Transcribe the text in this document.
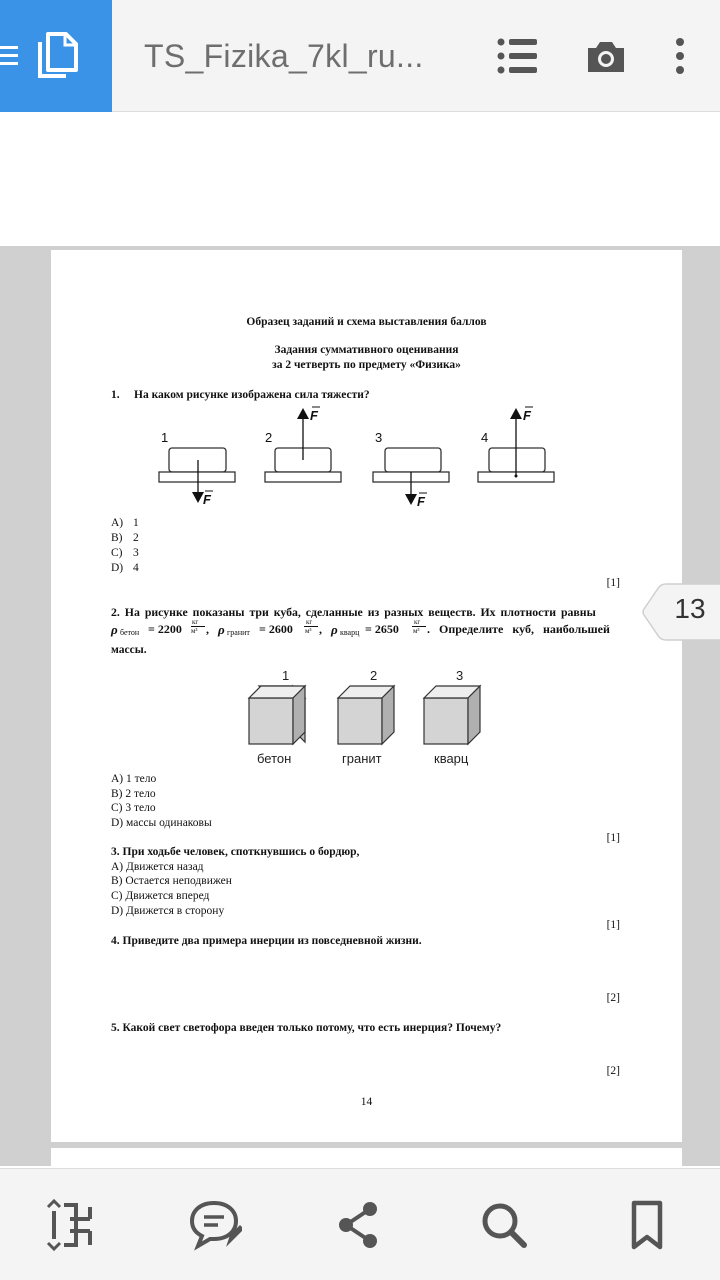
TS_Fizika_7kl_ru...
Образец заданий и схема выставления баллов
Задания суммативного оценивания
за 2 четверть по предмету «Физика»
1. На каком рисунке изображена сила тяжести?
1
F
2
F
3
F
4
F
A) 1
B) 2
C) 3
D) 4
[1]
2. На рисунке показаны три куба, сделанные из разных веществ. Их плотности равны
ρ бетон = 2200 кг
м³ , ρ гранит = 2600 кг
м³ , ρ кварц = 2650 кг
м³ . Определите куб, наибольшей
массы.
1	2	3
бетон	гранит	кварц
A) 1 тело
B) 2 тело
C) 3 тело
D) массы одинаковы
[1]
3. При ходьбе человек, споткнувшись о бордюр,
A) Движется назад
B) Остается неподвижен
C) Движется вперед
D) Движется в сторону
[1]
4. Приведите два примера инерции из повседневной жизни.
[2]
5. Какой свет светофора введен только потому, что есть инерция? Почему?
[2]
14
13
